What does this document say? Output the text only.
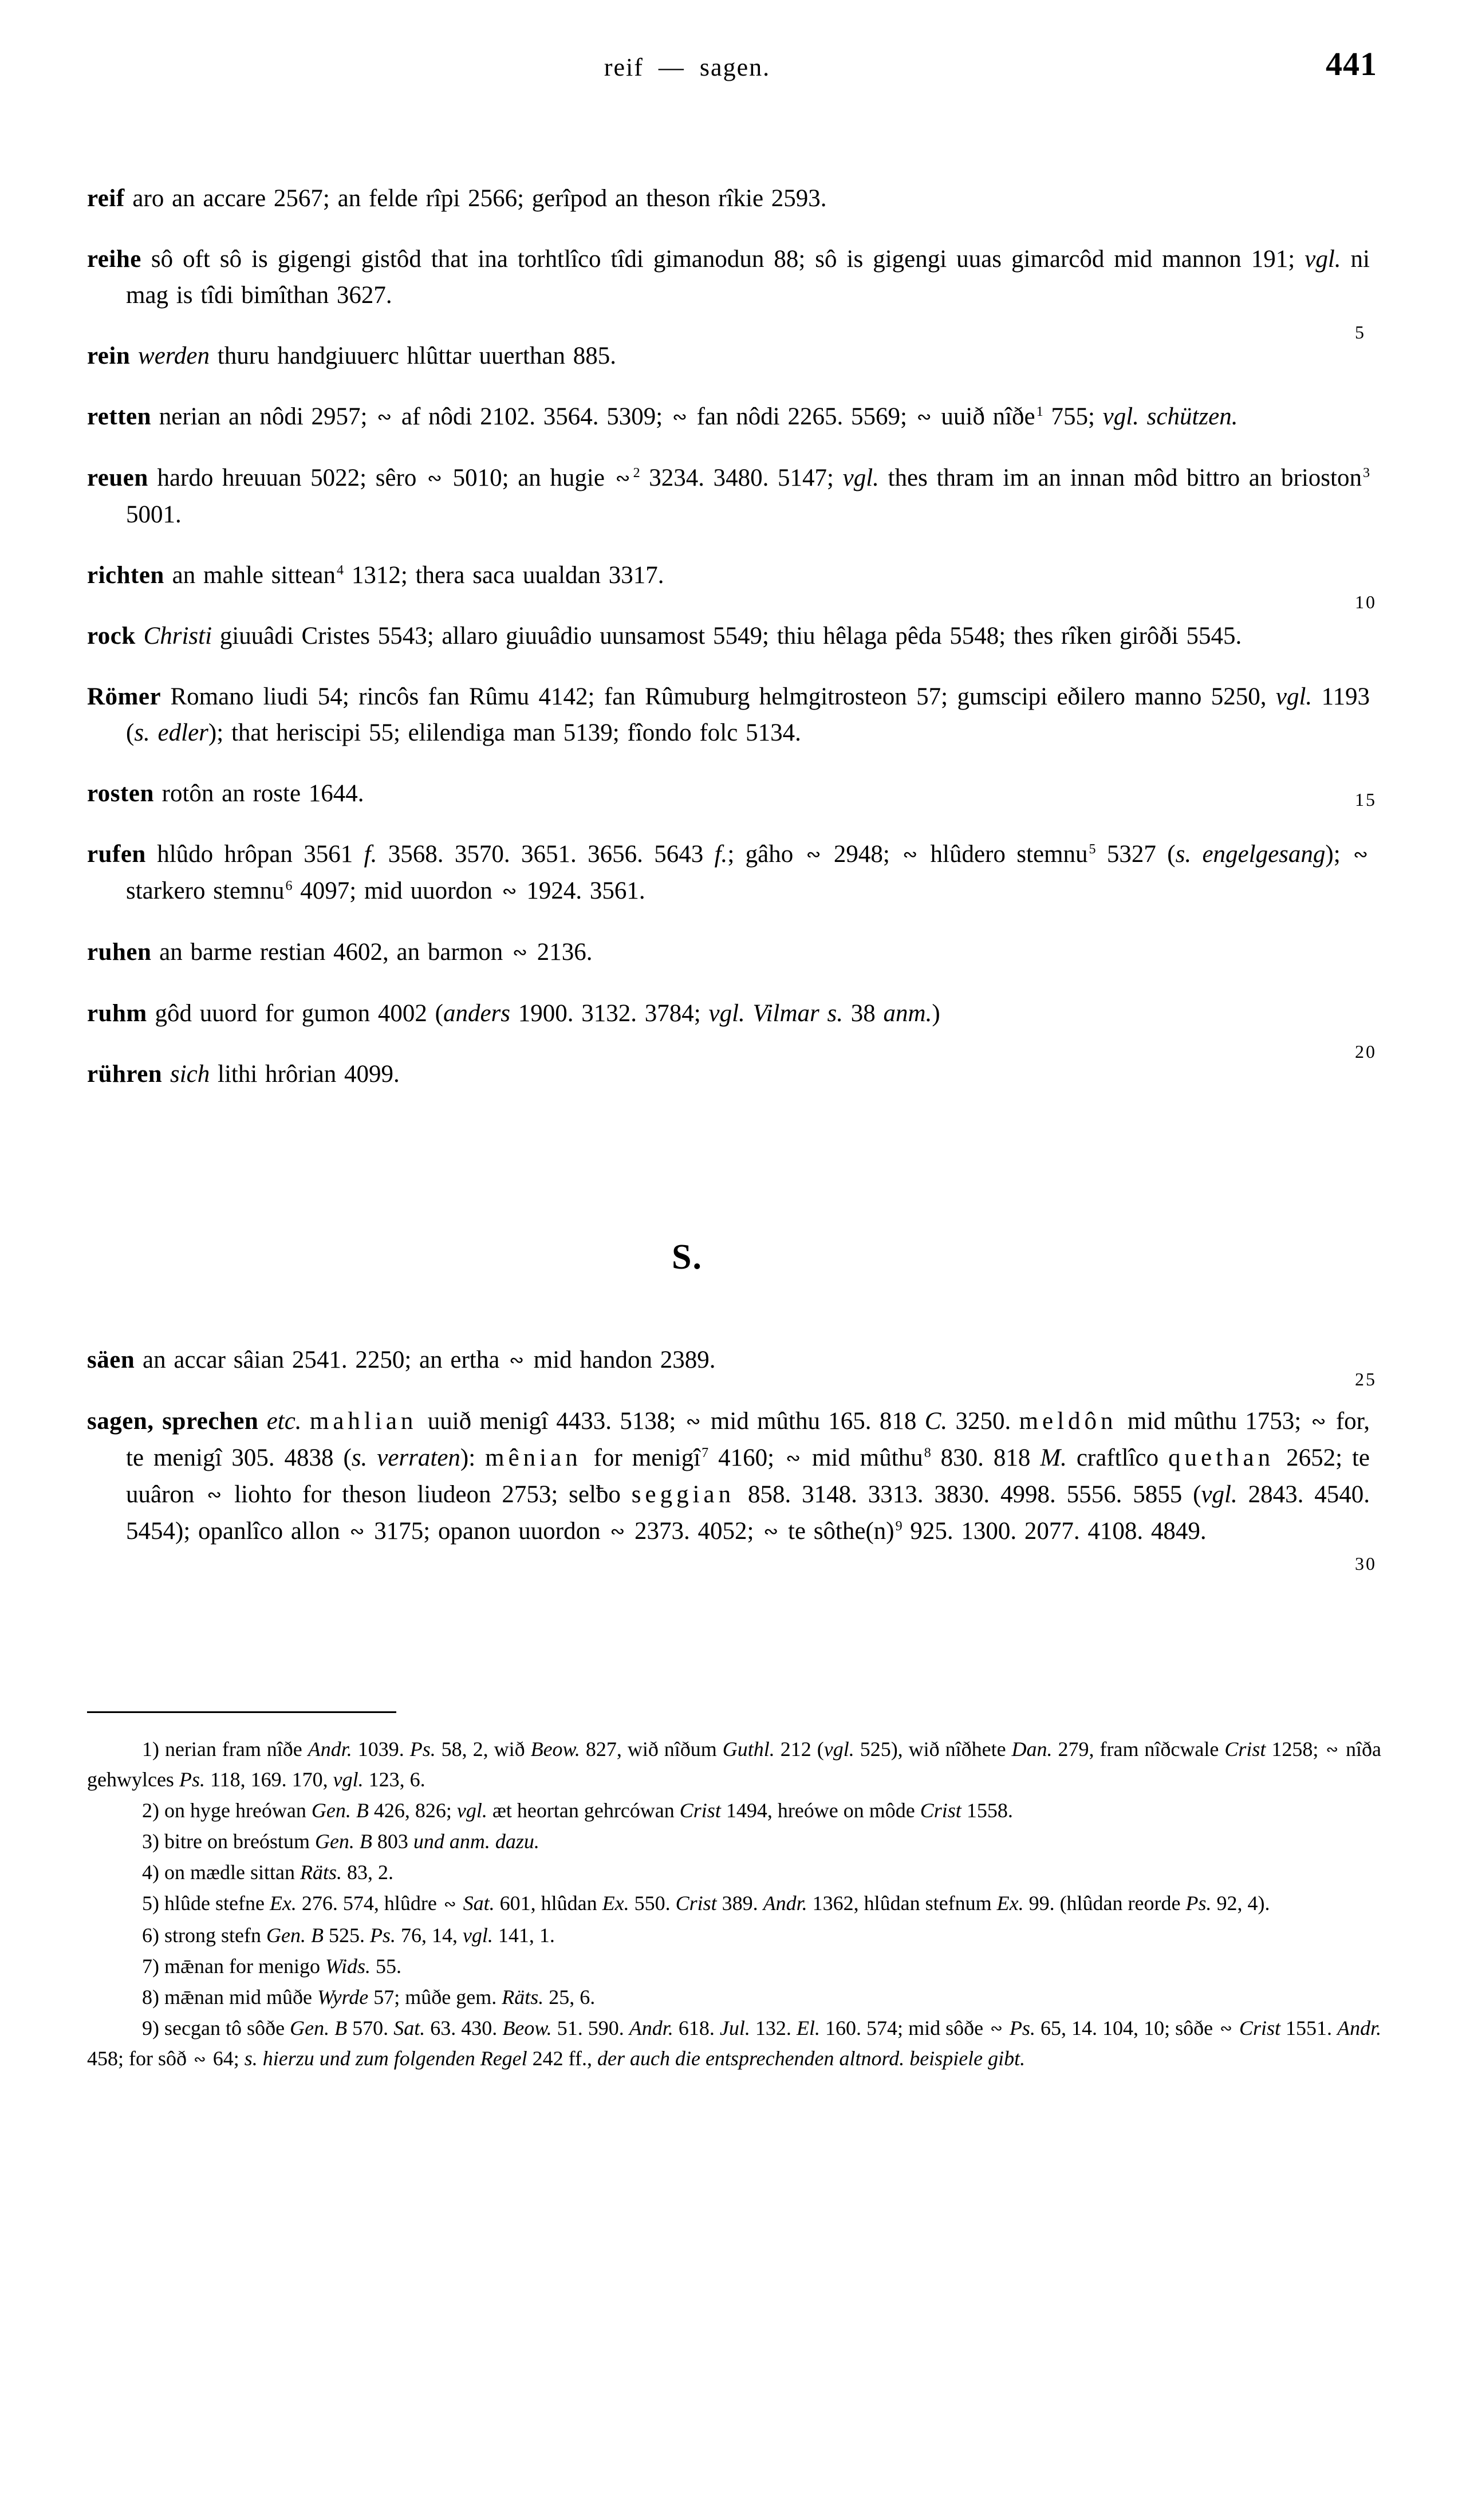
reif  —  sagen.	441

reif aro an accare 2567; an felde rîpi 2566; gerîpod an theson rîkie 2593.

reihe sô oft sô is gigengi gistôd that ina torhtlîco tîdi gimanodun 88; sô is gigengi uuas gimarcôd mid mannon 191; vgl. ni mag is tîdi bimîthan 3627.

rein werden thuru handgiuuerc hlûttar uuerthan 885.

retten nerian an nôdi 2957; ∾ af nôdi 2102. 3564. 5309; ∾ fan nôdi 2265. 5569; ∾ uuið nîðe$^1$ 755; vgl. schützen.

reuen hardo hreuuan 5022; sêro ∾ 5010; an hugie ∾ $^2$ 3234. 3480. 5147; vgl. thes thram im an innan môd bittro an brioston$^3$ 5001.

richten an mahle sittean$^4$ 1312; thera saca uualdan 3317.

rock Christi giuuâdi Cristes 5543; allaro giuuâdio uunsamost 5549; thiu hêlaga pêda 5548; thes rîken girôði 5545.

Römer Romano liudi 54; rincôs fan Rûmu 4142; fan Rûmuburg helmgitrosteon 57; gumscipi eðilero manno 5250, vgl. 1193 (s. edler); that heriscipi 55; elilendiga man 5139; fîondo folc 5134.

rosten rotôn an roste 1644.

rufen hlûdo hrôpan 3561 f. 3568. 3570. 3651. 3656. 5643 f.; gâho ∾ 2948; ∾ hlûdero stemnu$^5$ 5327 (s. engelgesang); ∾ starkero stemnu$^6$ 4097; mid uuordon ∾ 1924. 3561.

ruhen an barme restian 4602, an barmon ∾ 2136.

ruhm gôd uuord for gumon 4002 (anders 1900. 3132. 3784; vgl. Vilmar s. 38 anm.)

rühren sich lithi hrôrian 4099.

S.

säen an accar sâian 2541. 2250; an ertha ∾ mid handon 2389.

sagen, sprechen etc. mahlian uuið menigî 4433. 5138; ∾ mid mûthu 165. 818 C. 3250. meldôn mid mûthu 1753; ∾ for, te menigî 305. 4838 (s. verraten): mênian for menigî$^7$ 4160; ∾ mid mûthu$^8$ 830. 818 M. craftlîco quethan 2652; te uuâron ∾ liohto for theson liudeon 2753; selƀo seggian 858. 3148. 3313. 3830. 4998. 5556. 5855 (vgl. 2843. 4540. 5454); opanlîco allon ∾ 3175; opanon uuordon ∾ 2373. 4052; ∾ te $sôthe(n)^9$ 925. 1300. 2077. 4108. 4849.

5
10
15
20
25
30

1) nerian fram nîðe Andr. 1039. Ps. 58, 2, wið Beow. 827, wið nîðum Guthl. 212 (vgl. 525), wið nîðhete Dan. 279, fram nîðcwale Crist 1258; ∾ nîða gehwylces Ps. 118, 169. 170, vgl. 123, 6.

2) on hyge hreówan Gen. B 426, 826; vgl. æt heortan gehrcówan Crist 1494, hreówe on môde Crist 1558.

3) bitre on breóstum Gen. B 803 und anm. dazu.

4) on mædle sittan Räts. 83, 2.

5) hlûde stefne Ex. 276. 574, hlûdre ∾ Sat. 601, hlûdan Ex. 550. Crist 389. Andr. 1362, hlûdan stefnum Ex. 99. (hlûdan reorde Ps. 92, 4).

6) strong stefn Gen. B 525. Ps. 76, 14, vgl. 141, 1.

7) mǣnan for menigo Wids. 55.

8) mǣnan mid mûðe Wyrde 57; mûðe gem. Räts. 25, 6.

9) secgan tô sôðe Gen. B 570. Sat. 63. 430. Beow. 51. 590. Andr. 618. Jul. 132. El. 160. 574; mid sôðe ∾ Ps. 65, 14. 104, 10; sôðe ∾ Crist 1551. Andr. 458; for sôð ∾ 64; s. hierzu und zum folgenden Regel 242 ff., der auch die entsprechenden altnord. beispiele gibt.
